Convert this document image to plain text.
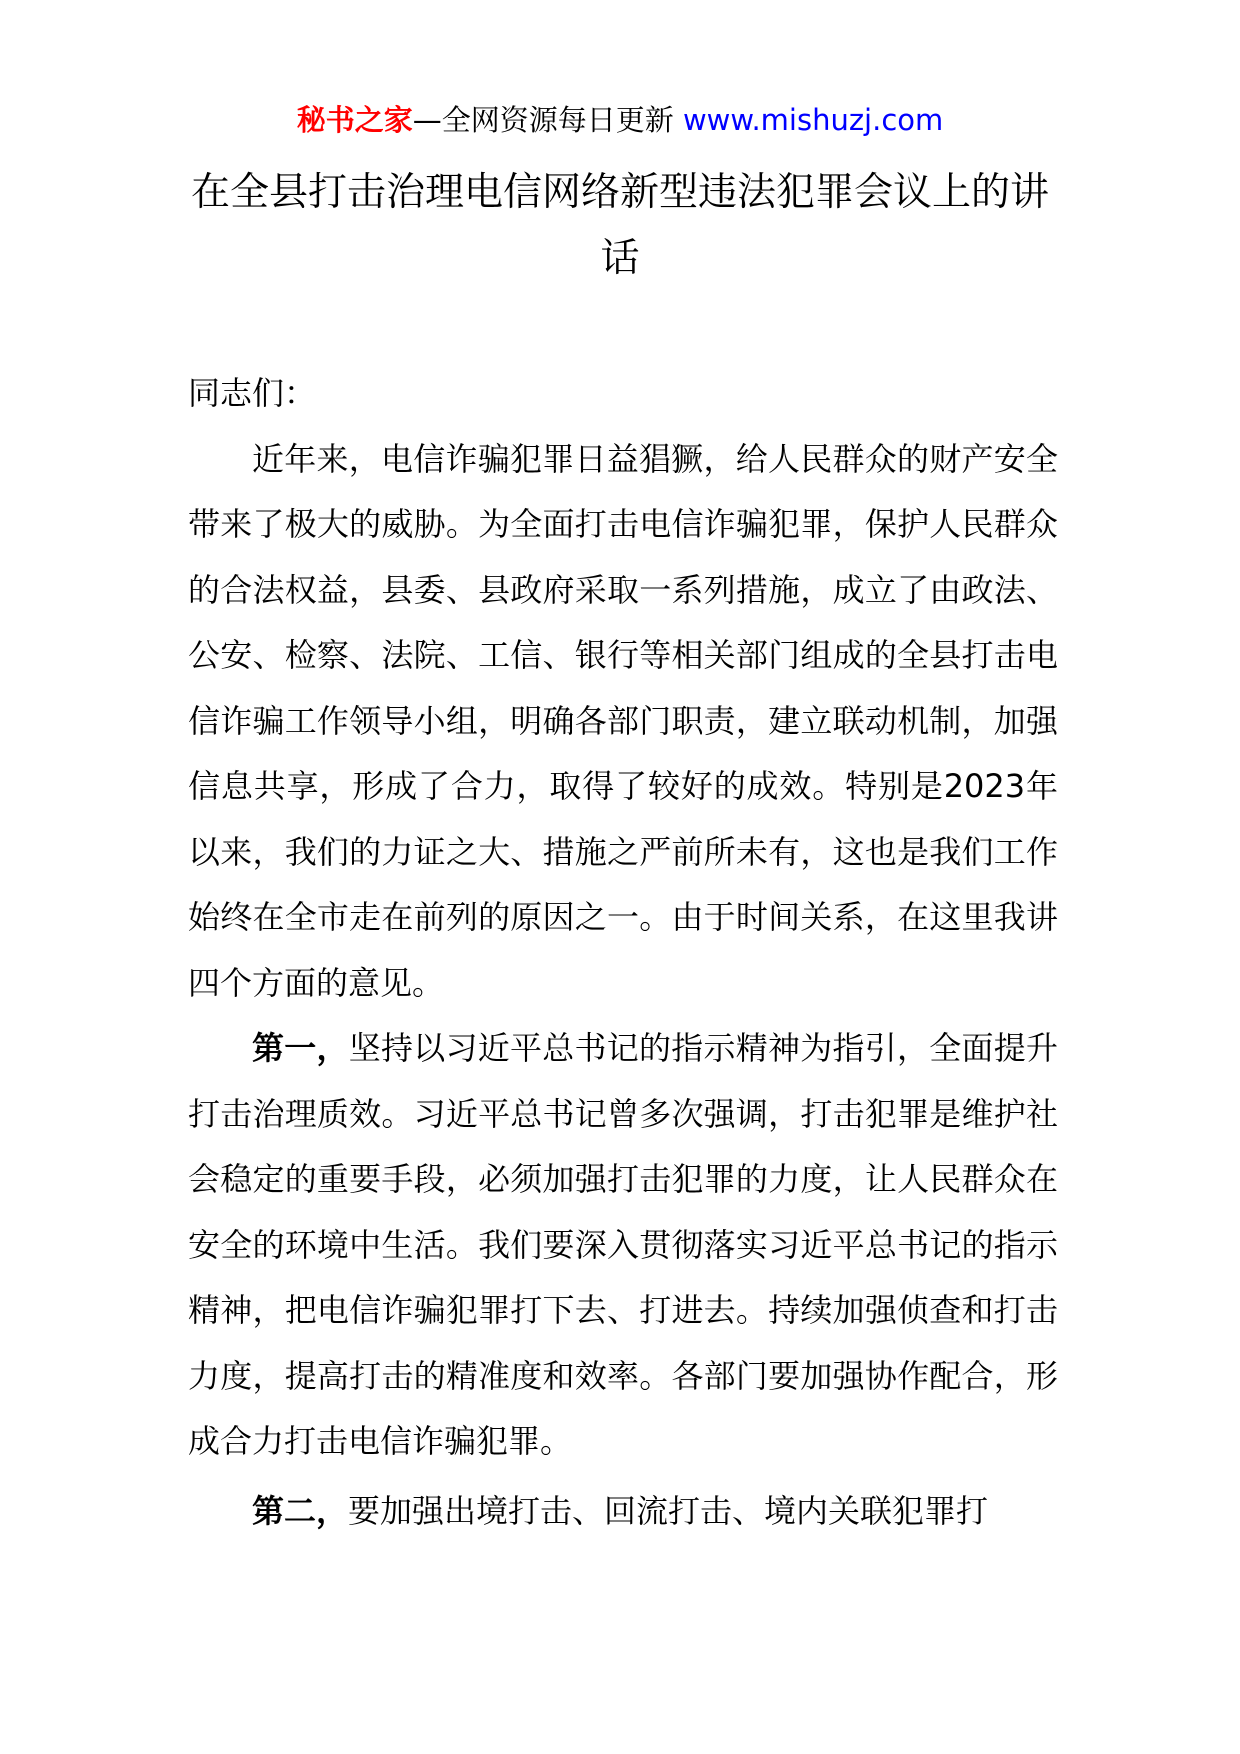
秘书之家—全网资源每日更新 www.mishuzj.com
在全县打击治理电信网络新型违法犯罪会议上的讲话

同志们：

近年来，电信诈骗犯罪日益猖獗，给人民群众的财产安全带来了极大的威胁。为全面打击电信诈骗犯罪，保护人民群众的合法权益，县委、县政府采取一系列措施，成立了由政法、公安、检察、法院、工信、银行等相关部门组成的全县打击电信诈骗工作领导小组，明确各部门职责，建立联动机制，加强信息共享，形成了合力，取得了较好的成效。特别是2023年以来，我们的力证之大、措施之严前所未有，这也是我们工作始终在全市走在前列的原因之一。由于时间关系，在这里我讲四个方面的意见。

第一，坚持以习近平总书记的指示精神为指引，全面提升打击治理质效。习近平总书记曾多次强调，打击犯罪是维护社会稳定的重要手段，必须加强打击犯罪的力度，让人民群众在安全的环境中生活。我们要深入贯彻落实习近平总书记的指示精神，把电信诈骗犯罪打下去、打进去。持续加强侦查和打击力度，提高打击的精准度和效率。各部门要加强协作配合，形成合力打击电信诈骗犯罪。

第二，要加强出境打击、回流打击、境内关联犯罪打
